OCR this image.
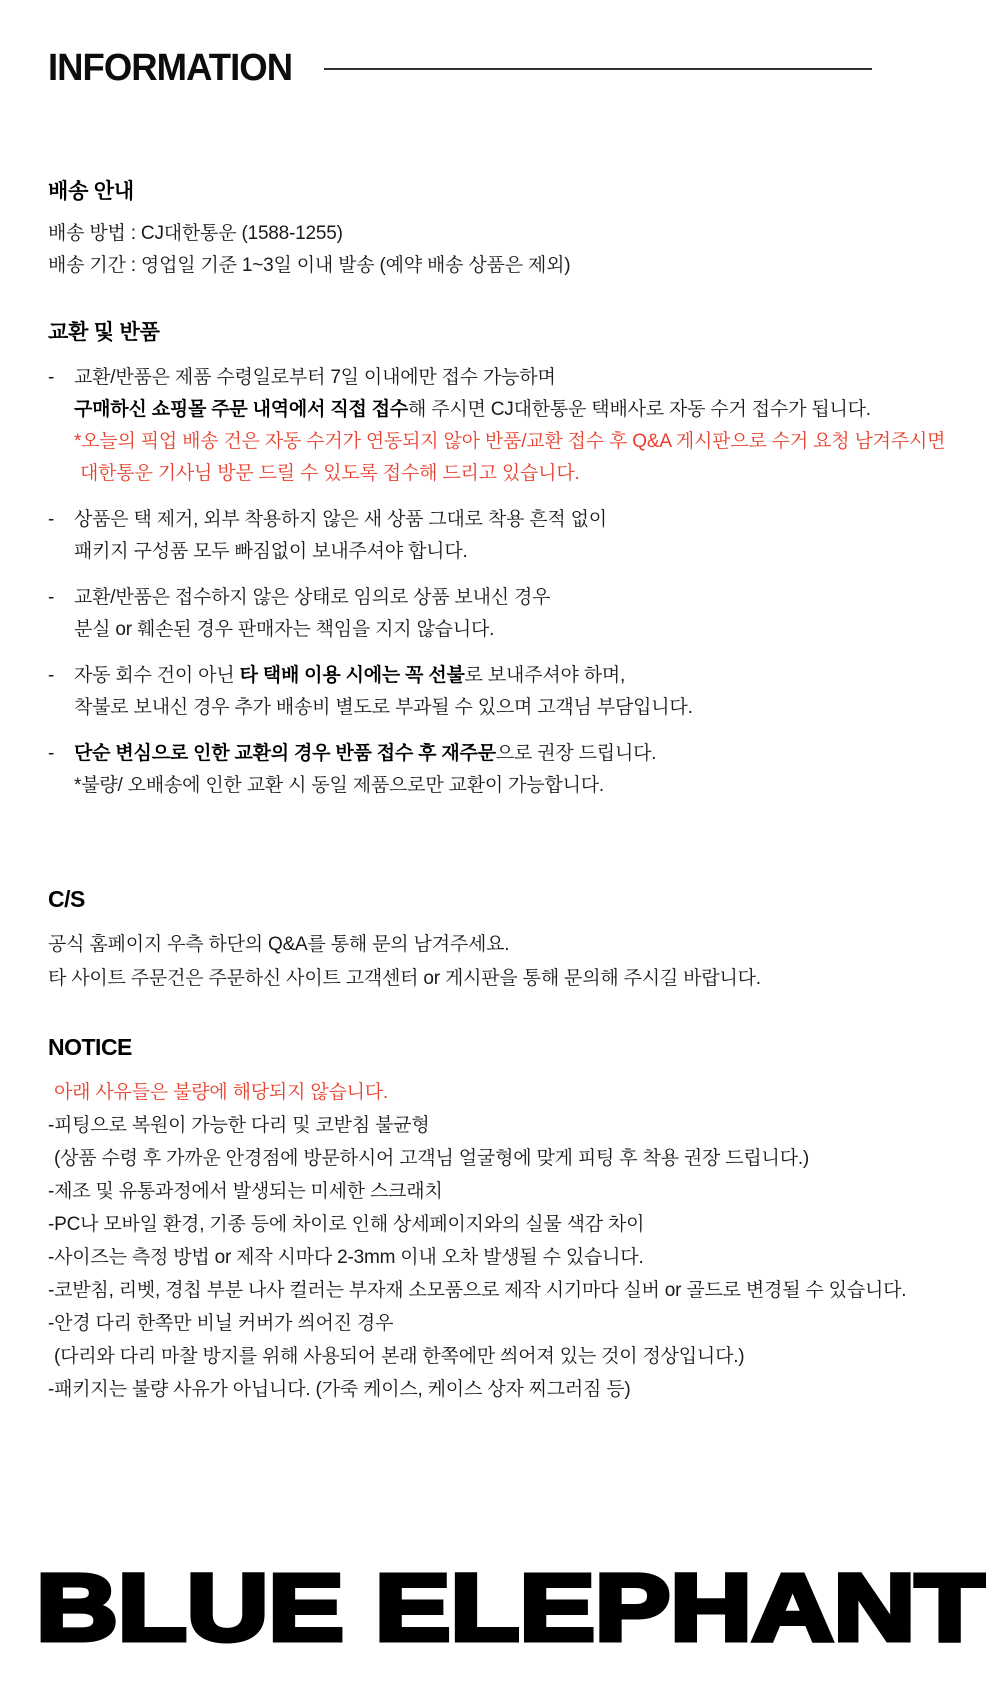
INFORMATION
배송 안내
배송 방법 : CJ대한통운 (1588-1255)
배송 기간 : 영업일 기준 1~3일 이내 발송 (예약 배송 상품은 제외)
교환 및 반품
-	교환/반품은 제품 수령일로부터 7일 이내에만 접수 가능하며
구매하신 쇼핑몰 주문 내역에서 직접 접수해 주시면 CJ대한통운 택배사로 자동 수거 접수가 됩니다.
*오늘의 픽업 배송 건은 자동 수거가 연동되지 않아 반품/교환 접수 후 Q&A 게시판으로 수거 요청 남겨주시면
대한통운 기사님 방문 드릴 수 있도록 접수해 드리고 있습니다.
-	상품은 택 제거, 외부 착용하지 않은 새 상품 그대로 착용 흔적 없이
패키지 구성품 모두 빠짐없이 보내주셔야 합니다.
-	교환/반품은 접수하지 않은 상태로 임의로 상품 보내신 경우
분실 or 훼손된 경우 판매자는 책임을 지지 않습니다.
-	자동 회수 건이 아닌 타 택배 이용 시에는 꼭 선불로 보내주셔야 하며,
착불로 보내신 경우 추가 배송비 별도로 부과될 수 있으며 고객님 부담입니다.
-	단순 변심으로 인한 교환의 경우 반품 접수 후 재주문으로 권장 드립니다.
*불량/ 오배송에 인한 교환 시 동일 제품으로만 교환이 가능합니다.
C/S
공식 홈페이지 우측 하단의 Q&A를 통해 문의 남겨주세요.
타 사이트 주문건은 주문하신 사이트 고객센터 or 게시판을 통해 문의해 주시길 바랍니다.
NOTICE
아래 사유들은 불량에 해당되지 않습니다.
-피팅으로 복원이 가능한 다리 및 코받침 불균형
(상품 수령 후 가까운 안경점에 방문하시어 고객님 얼굴형에 맞게 피팅 후 착용 권장 드립니다.)
-제조 및 유통과정에서 발생되는 미세한 스크래치
-PC나 모바일 환경, 기종 등에 차이로 인해 상세페이지와의 실물 색감 차이
-사이즈는 측정 방법 or 제작 시마다 2-3mm 이내 오차 발생될 수 있습니다.
-코받침, 리벳, 경칩 부분 나사 컬러는 부자재 소모품으로 제작 시기마다 실버 or 골드로 변경될 수 있습니다.
-안경 다리 한쪽만 비닐 커버가 씌어진 경우
(다리와 다리 마찰 방지를 위해 사용되어 본래 한쪽에만 씌어져 있는 것이 정상입니다.)
-패키지는 불량 사유가 아닙니다. (가죽 케이스, 케이스 상자 찌그러짐 등)
BLUE ELEPHANT
